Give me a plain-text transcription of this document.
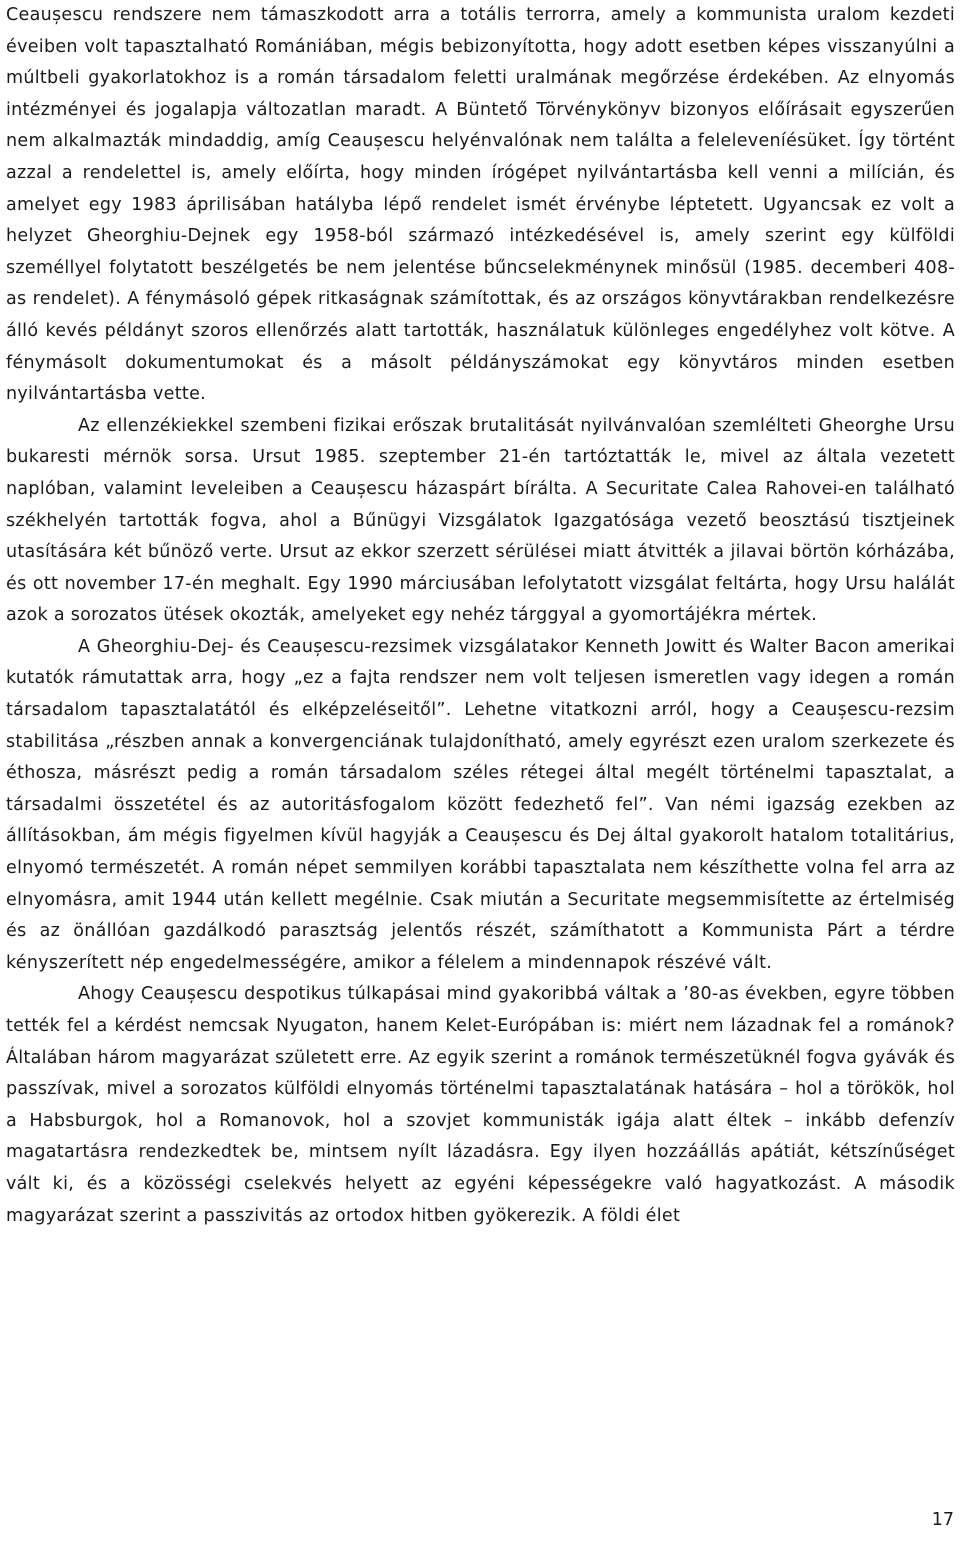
Ceaușescu rendszere nem támaszkodott arra a totális terrorra, amely a kommunista uralom kezdeti éveiben volt tapasztalható Romániában, mégis bebizonyította, hogy adott esetben képes visszanyúlni a múltbeli gyakorlatokhoz is a román társadalom feletti uralmának megőrzése érdekében. Az elnyomás intézményei és jogalapja változatlan maradt. A Büntető Törvénykönyv bizonyos előírásait egyszerűen nem alkalmazták mindaddig, amíg Ceaușescu helyénvalónak nem találta a feleleveníésüket. Így történt azzal a rendelettel is, amely előírta, hogy minden írógépet nyilvántartásba kell venni a milícián, és amelyet egy 1983 áprilisában hatályba lépő rendelet ismét érvénybe léptetett. Ugyancsak ez volt a helyzet Gheorghiu-Dejnek egy 1958-ból származó intézkedésével is, amely szerint egy külföldi személlyel folytatott beszélgetés be nem jelentése bűncselekménynek minősül (1985. decemberi 408-as rendelet). A fénymásoló gépek ritkaságnak számítottak, és az országos könyvtárakban rendelkezésre álló kevés példányt szoros ellenőrzés alatt tartották, használatuk különleges engedélyhez volt kötve. A fénymásolt dokumentumokat és a másolt példányszámokat egy könyvtáros minden esetben nyilvántartásba vette.

Az ellenzékiekkel szembeni fizikai erőszak brutalitását nyilvánvalóan szemlélteti Gheorghe Ursu bukaresti mérnök sorsa. Ursut 1985. szeptember 21-én tartóztatták le, mivel az általa vezetett naplóban, valamint leveleiben a Ceaușescu házaspárt bírálta. A Securitate Calea Rahovei-en található székhelyén tartották fogva, ahol a Bűnügyi Vizsgálatok Igazgatósága vezető beosztású tisztjeinek utasítására két bűnöző verte. Ursut az ekkor szerzett sérülései miatt átvitték a jilavai börtön kórházába, és ott november 17-én meghalt. Egy 1990 márciusában lefolytatott vizsgálat feltárta, hogy Ursu halálát azok a sorozatos ütések okozták, amelyeket egy nehéz tárggyal a gyomortájékra mértek.

A Gheorghiu-Dej- és Ceaușescu-rezsimek vizsgálatakor Kenneth Jowitt és Walter Bacon amerikai kutatók rámutattak arra, hogy „ez a fajta rendszer nem volt teljesen ismeretlen vagy idegen a román társadalom tapasztalatától és elképzeléseitől”. Lehetne vitatkozni arról, hogy a Ceaușescu-rezsim stabilitása „részben annak a konvergenciának tulajdonítható, amely egyrészt ezen uralom szerkezete és éthosza, másrészt pedig a román társadalom széles rétegei által megélt történelmi tapasztalat, a társadalmi összetétel és az autoritásfogalom között fedezhető fel”. Van némi igazság ezekben az állításokban, ám mégis figyelmen kívül hagyják a Ceaușescu és Dej által gyakorolt hatalom totalitárius, elnyomó természetét. A román népet semmilyen korábbi tapasztalata nem készíthette volna fel arra az elnyomásra, amit 1944 után kellett megélnie. Csak miután a Securitate megsemmisítette az értelmiség és az önállóan gazdálkodó parasztság jelentős részét, számíthatott a Kommunista Párt a térdre kényszerített nép engedelmességére, amikor a félelem a mindennapok részévé vált.

Ahogy Ceaușescu despotikus túlkapásai mind gyakoribbá váltak a ’80-as években, egyre többen tették fel a kérdést nemcsak Nyugaton, hanem Kelet-Európában is: miért nem lázadnak fel a románok? Általában három magyarázat született erre. Az egyik szerint a románok természetüknél fogva gyávák és passzívak, mivel a sorozatos külföldi elnyomás történelmi tapasztalatának hatására – hol a törökök, hol a Habsburgok, hol a Romanovok, hol a szovjet kommunisták igája alatt éltek – inkább defenzív magatartásra rendezkedtek be, mintsem nyílt lázadásra. Egy ilyen hozzáállás apátiát, kétszínűséget vált ki, és a közösségi cselekvés helyett az egyéni képességekre való hagyatkozást. A második magyarázat szerint a passzivitás az ortodox hitben gyökerezik. A földi élet

17
